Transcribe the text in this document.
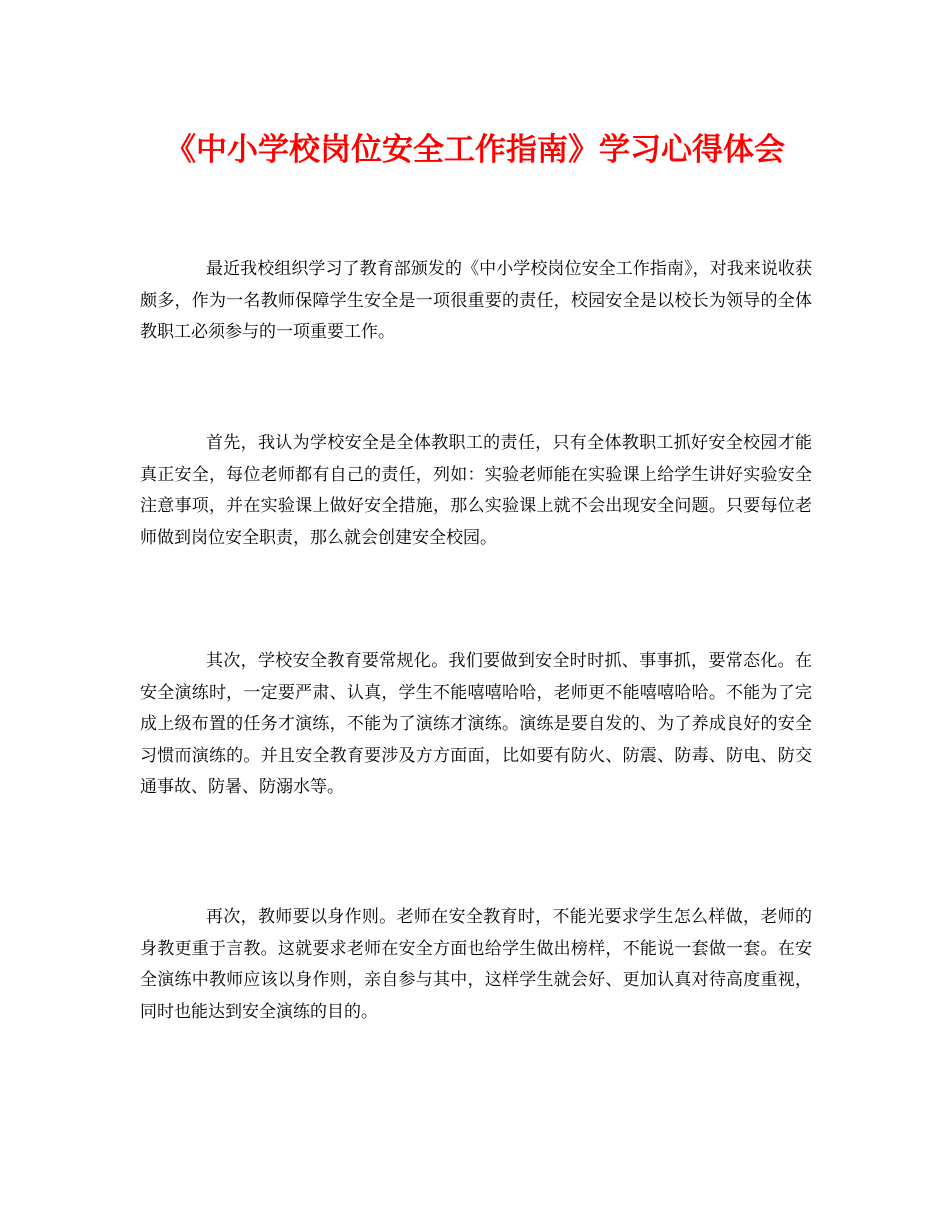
《中小学校岗位安全工作指南》学习心得体会

最近我校组织学习了教育部颁发的《中小学校岗位安全工作指南》，对我来说收获颇多，作为一名教师保障学生安全是一项很重要的责任，校园安全是以校长为领导的全体教职工必须参与的一项重要工作。

首先，我认为学校安全是全体教职工的责任，只有全体教职工抓好安全校园才能真正安全，每位老师都有自己的责任，列如：实验老师能在实验课上给学生讲好实验安全注意事项，并在实验课上做好安全措施，那么实验课上就不会出现安全问题。只要每位老师做到岗位安全职责，那么就会创建安全校园。

其次，学校安全教育要常规化。我们要做到安全时时抓、事事抓，要常态化。在安全演练时，一定要严肃、认真，学生不能嘻嘻哈哈，老师更不能嘻嘻哈哈。不能为了完成上级布置的任务才演练，不能为了演练才演练。演练是要自发的、为了养成良好的安全习惯而演练的。并且安全教育要涉及方方面面，比如要有防火、防震、防毒、防电、防交通事故、防暑、防溺水等。

再次，教师要以身作则。老师在安全教育时，不能光要求学生怎么样做，老师的身教更重于言教。这就要求老师在安全方面也给学生做出榜样，不能说一套做一套。在安全演练中教师应该以身作则，亲自参与其中，这样学生就会好、更加认真对待高度重视，同时也能达到安全演练的目的。
